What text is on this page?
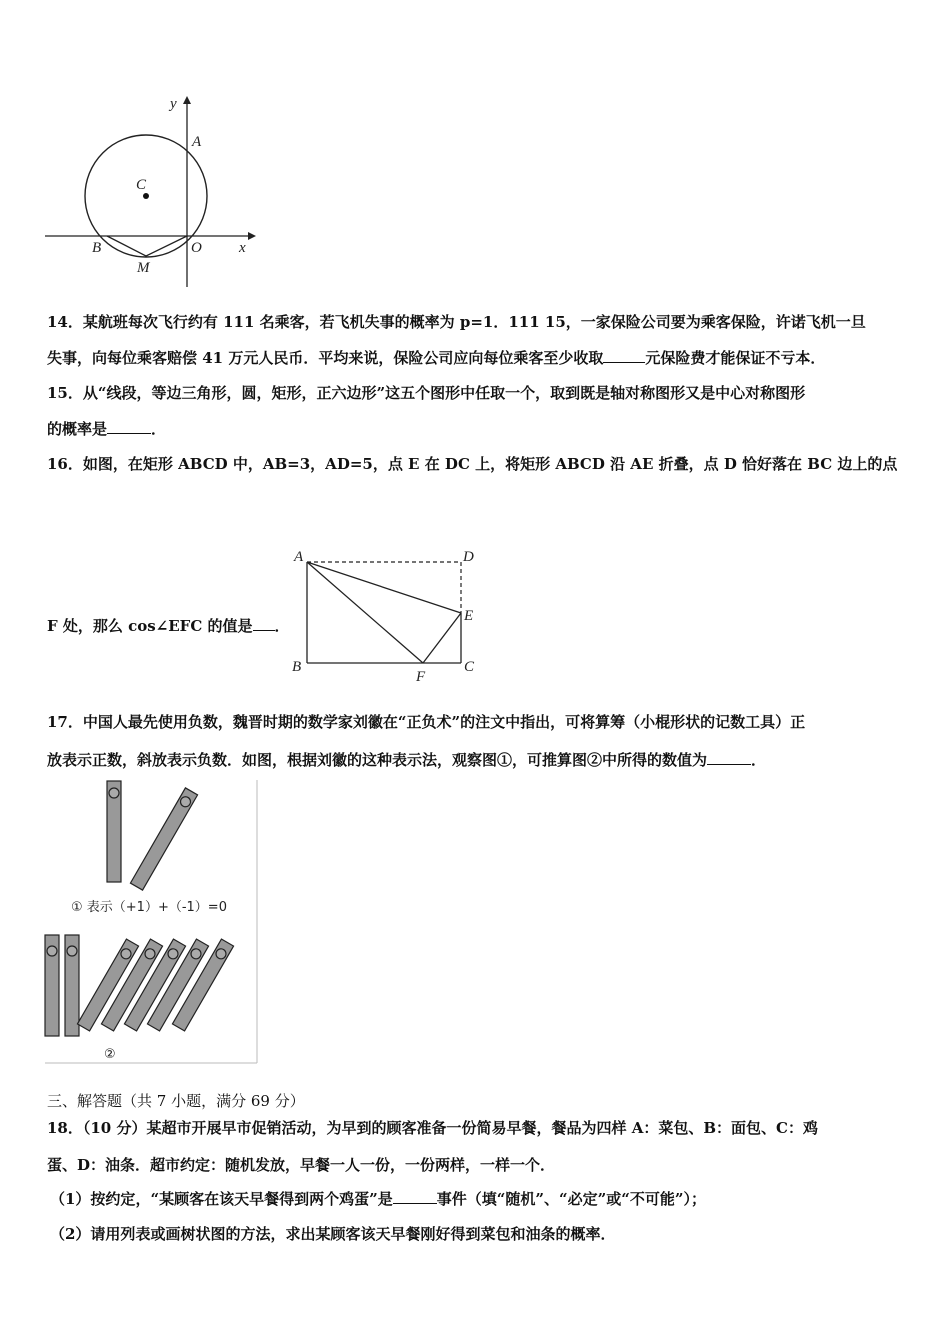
y
A
C
B	O
M
x
14．某航班每次飞行约有 111 名乘客，若飞机失事的概率为 p=1．111 15，一家保险公司要为乘客保险，许诺飞机一旦
失事，向每位乘客赔偿 41 万元人民币．平均来说，保险公司应向每位乘客至少收取	元保险费才能保证不亏本．
15．从“线段，等边三角形，圆，矩形，正六边形”这五个图形中任取一个，取到既是轴对称图形又是中心对称图形
的概率是	．
16．如图，在矩形 ABCD 中，AB=3，AD=5，点 E 在 DC 上，将矩形 ABCD 沿 AE 折叠，点 D 恰好落在 BC 边上的点
F 处，那么 cos∠EFC 的值是 ．
A	D
E
B
F
C
17．中国人最先使用负数，魏晋时期的数学家刘徽在“正负术”的注文中指出，可将算筹（小棍形状的记数工具）正
放表示正数，斜放表示负数．如图，根据刘徽的这种表示法，观察图①，可推算图②中所得的数值为	．
① 表示（+1）+（-1）=0
②
三、解答题（共 7 小题，满分 69 分）
18．（10 分）某超市开展早市促销活动，为早到的顾客准备一份简易早餐，餐品为四样 A：菜包、B：面包、C：鸡
蛋、D：油条．超市约定：随机发放，早餐一人一份，一份两样，一样一个．
（1）按约定，“某顾客在该天早餐得到两个鸡蛋”是	事件（填“随机”、“必定”或“不可能”）；
（2）请用列表或画树状图的方法，求出某顾客该天早餐刚好得到菜包和油条的概率．
